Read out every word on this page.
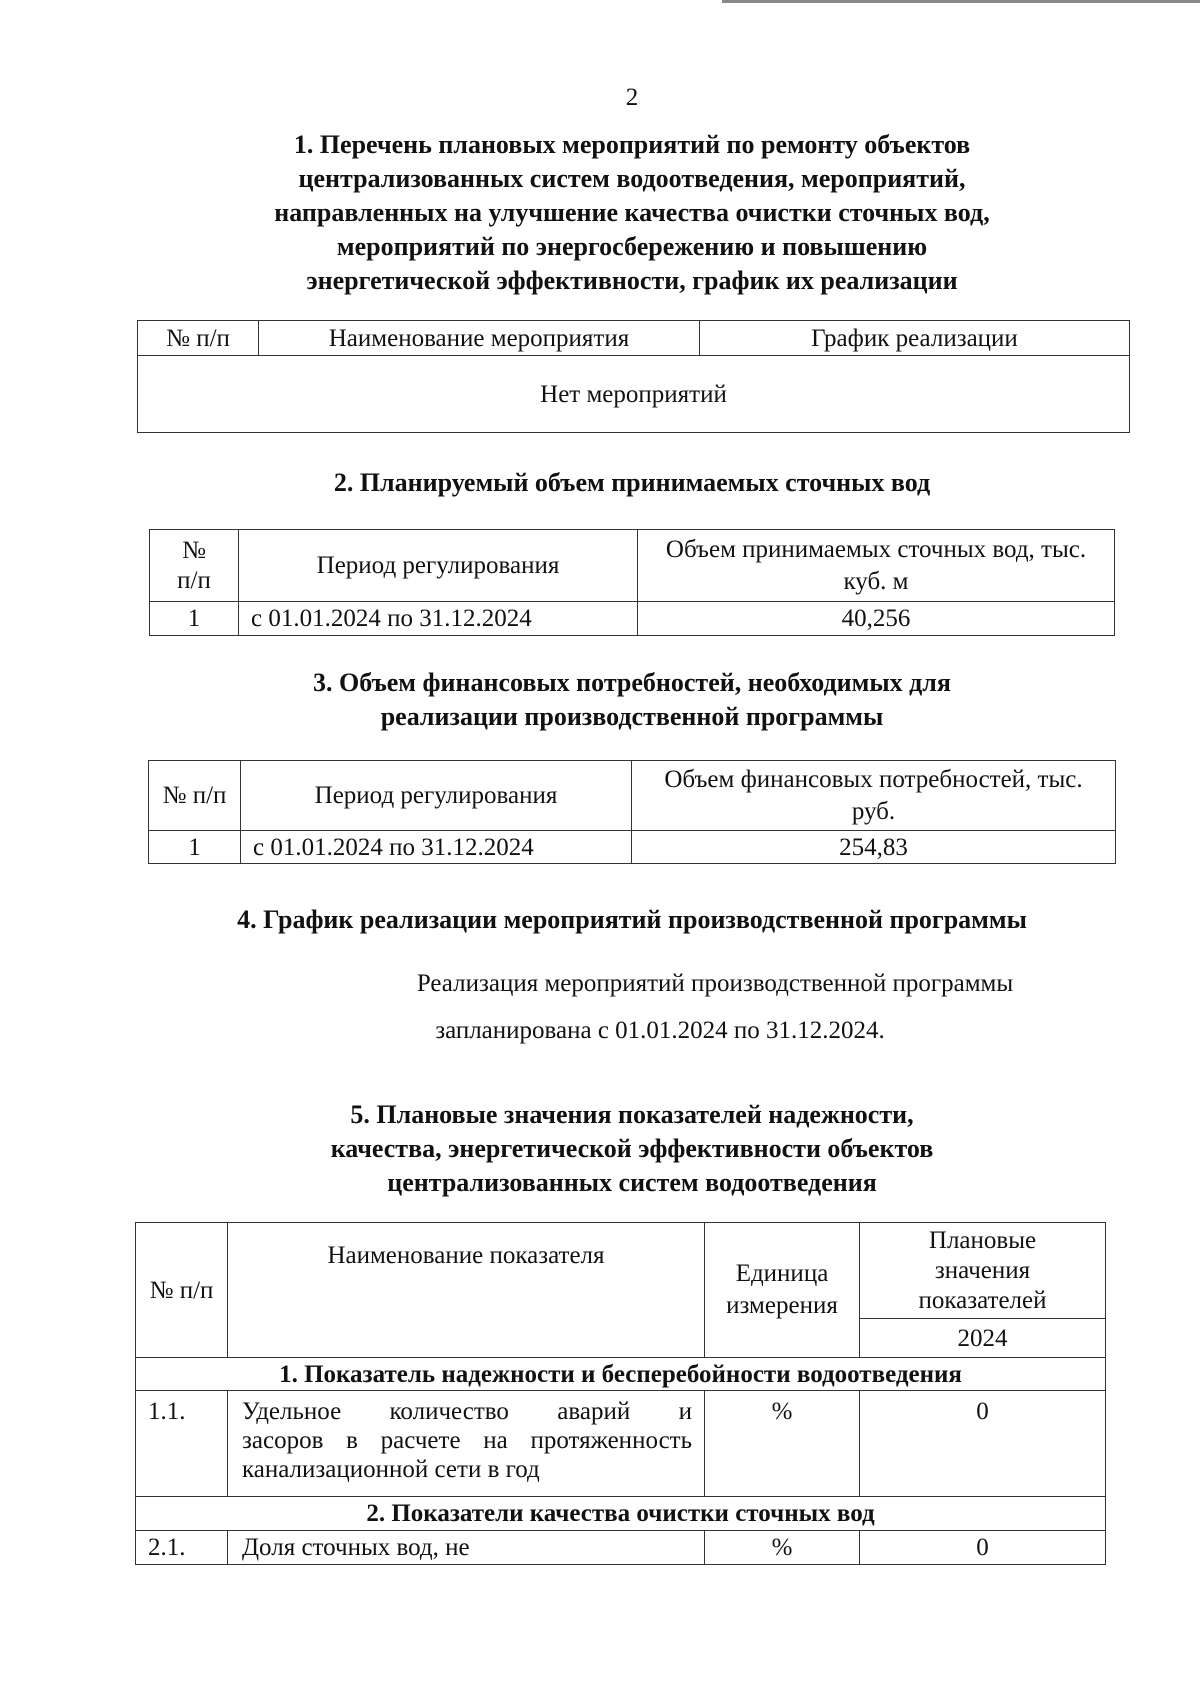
2
1. Перечень плановых мероприятий по ремонту объектов
централизованных систем водоотведения, мероприятий,
направленных на улучшение качества очистки сточных вод,
мероприятий по энергосбережению и повышению
энергетической эффективности, график их реализации
№ п/п	Наименование мероприятия	График реализации
Нет мероприятий
2. Планируемый объем принимаемых сточных вод
№ п/п	Период регулирования	Объем принимаемых сточных вод, тыс. куб. м

1	с 01.01.2024 по 31.12.2024	40,256
3. Объем финансовых потребностей, необходимых для
реализации производственной программы
№ п/п	Период регулирования	Объем финансовых потребностей, тыс. руб.

1	с 01.01.2024 по 31.12.2024	254,83
4. График реализации мероприятий производственной программы
Реализация мероприятий производственной программы
запланирована с 01.01.2024 по 31.12.2024.
5. Плановые значения показателей надежности,
качества, энергетической эффективности объектов
централизованных систем водоотведения
№ п/п	Наименование показателя	Единица измерения	Плановые значения показателей

			2024
1. Показатель надежности и бесперебойности водоотведения			
1.1.	Удельное количество аварий и
засоров в расчете на протяженность
канализационной сети в год	%	0
2. Показатели качества очистки сточных вод			
2.1.	Доля сточных вод, не	%	0
